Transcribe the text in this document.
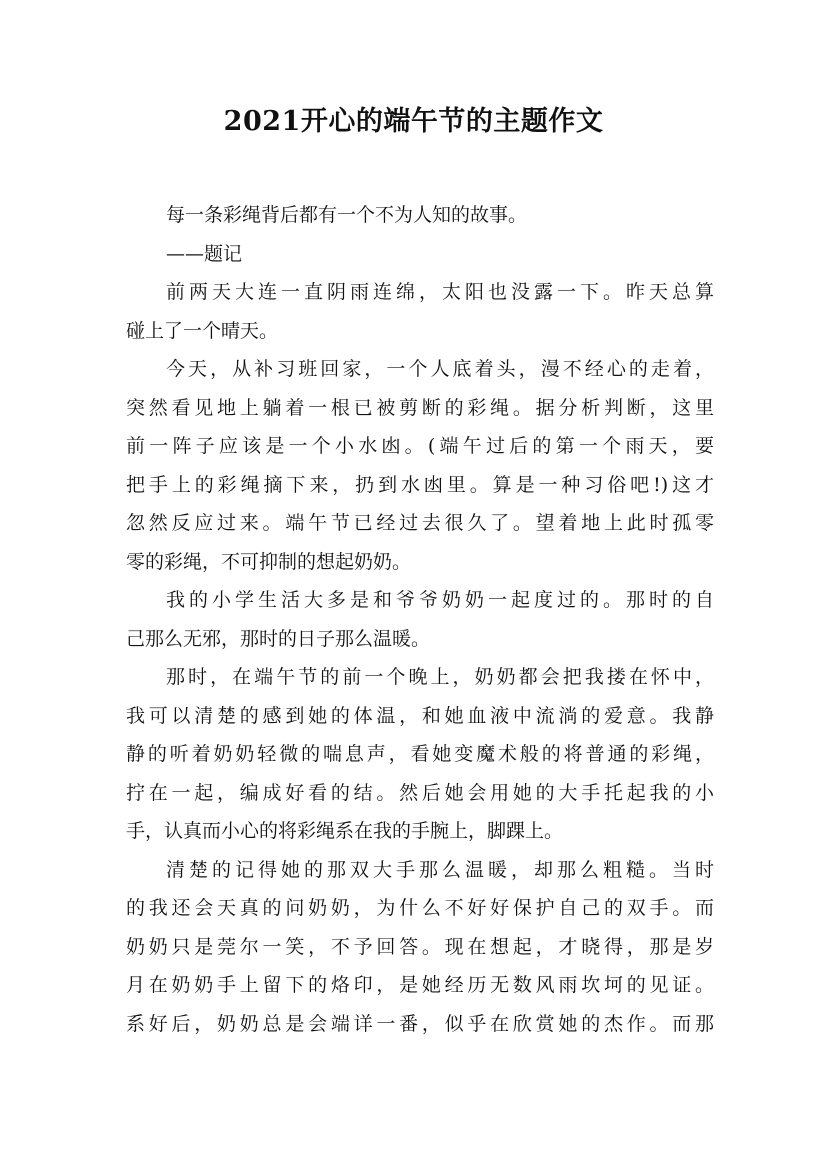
2021开心的端午节的主题作文

每一条彩绳背后都有一个不为人知的故事。

——题记

前两天大连一直阴雨连绵，太阳也没露一下。昨天总算

碰上了一个晴天。

今天，从补习班回家，一个人底着头，漫不经心的走着，

突然看见地上躺着一根已被剪断的彩绳。据分析判断，这里

前一阵子应该是一个小水凼。(端午过后的第一个雨天，要

把手上的彩绳摘下来，扔到水凼里。算是一种习俗吧!)这才

忽然反应过来。端午节已经过去很久了。望着地上此时孤零

零的彩绳，不可抑制的想起奶奶。

我的小学生活大多是和爷爷奶奶一起度过的。那时的自

己那么无邪，那时的日子那么温暖。

那时，在端午节的前一个晚上，奶奶都会把我搂在怀中，

我可以清楚的感到她的体温，和她血液中流淌的爱意。我静

静的听着奶奶轻微的喘息声，看她变魔术般的将普通的彩绳，

拧在一起，编成好看的结。然后她会用她的大手托起我的小

手，认真而小心的将彩绳系在我的手腕上，脚踝上。

清楚的记得她的那双大手那么温暖，却那么粗糙。当时

的我还会天真的问奶奶，为什么不好好保护自己的双手。而

奶奶只是莞尔一笑，不予回答。现在想起，才晓得，那是岁

月在奶奶手上留下的烙印，是她经历无数风雨坎坷的见证。

系好后，奶奶总是会端详一番，似乎在欣赏她的杰作。而那
